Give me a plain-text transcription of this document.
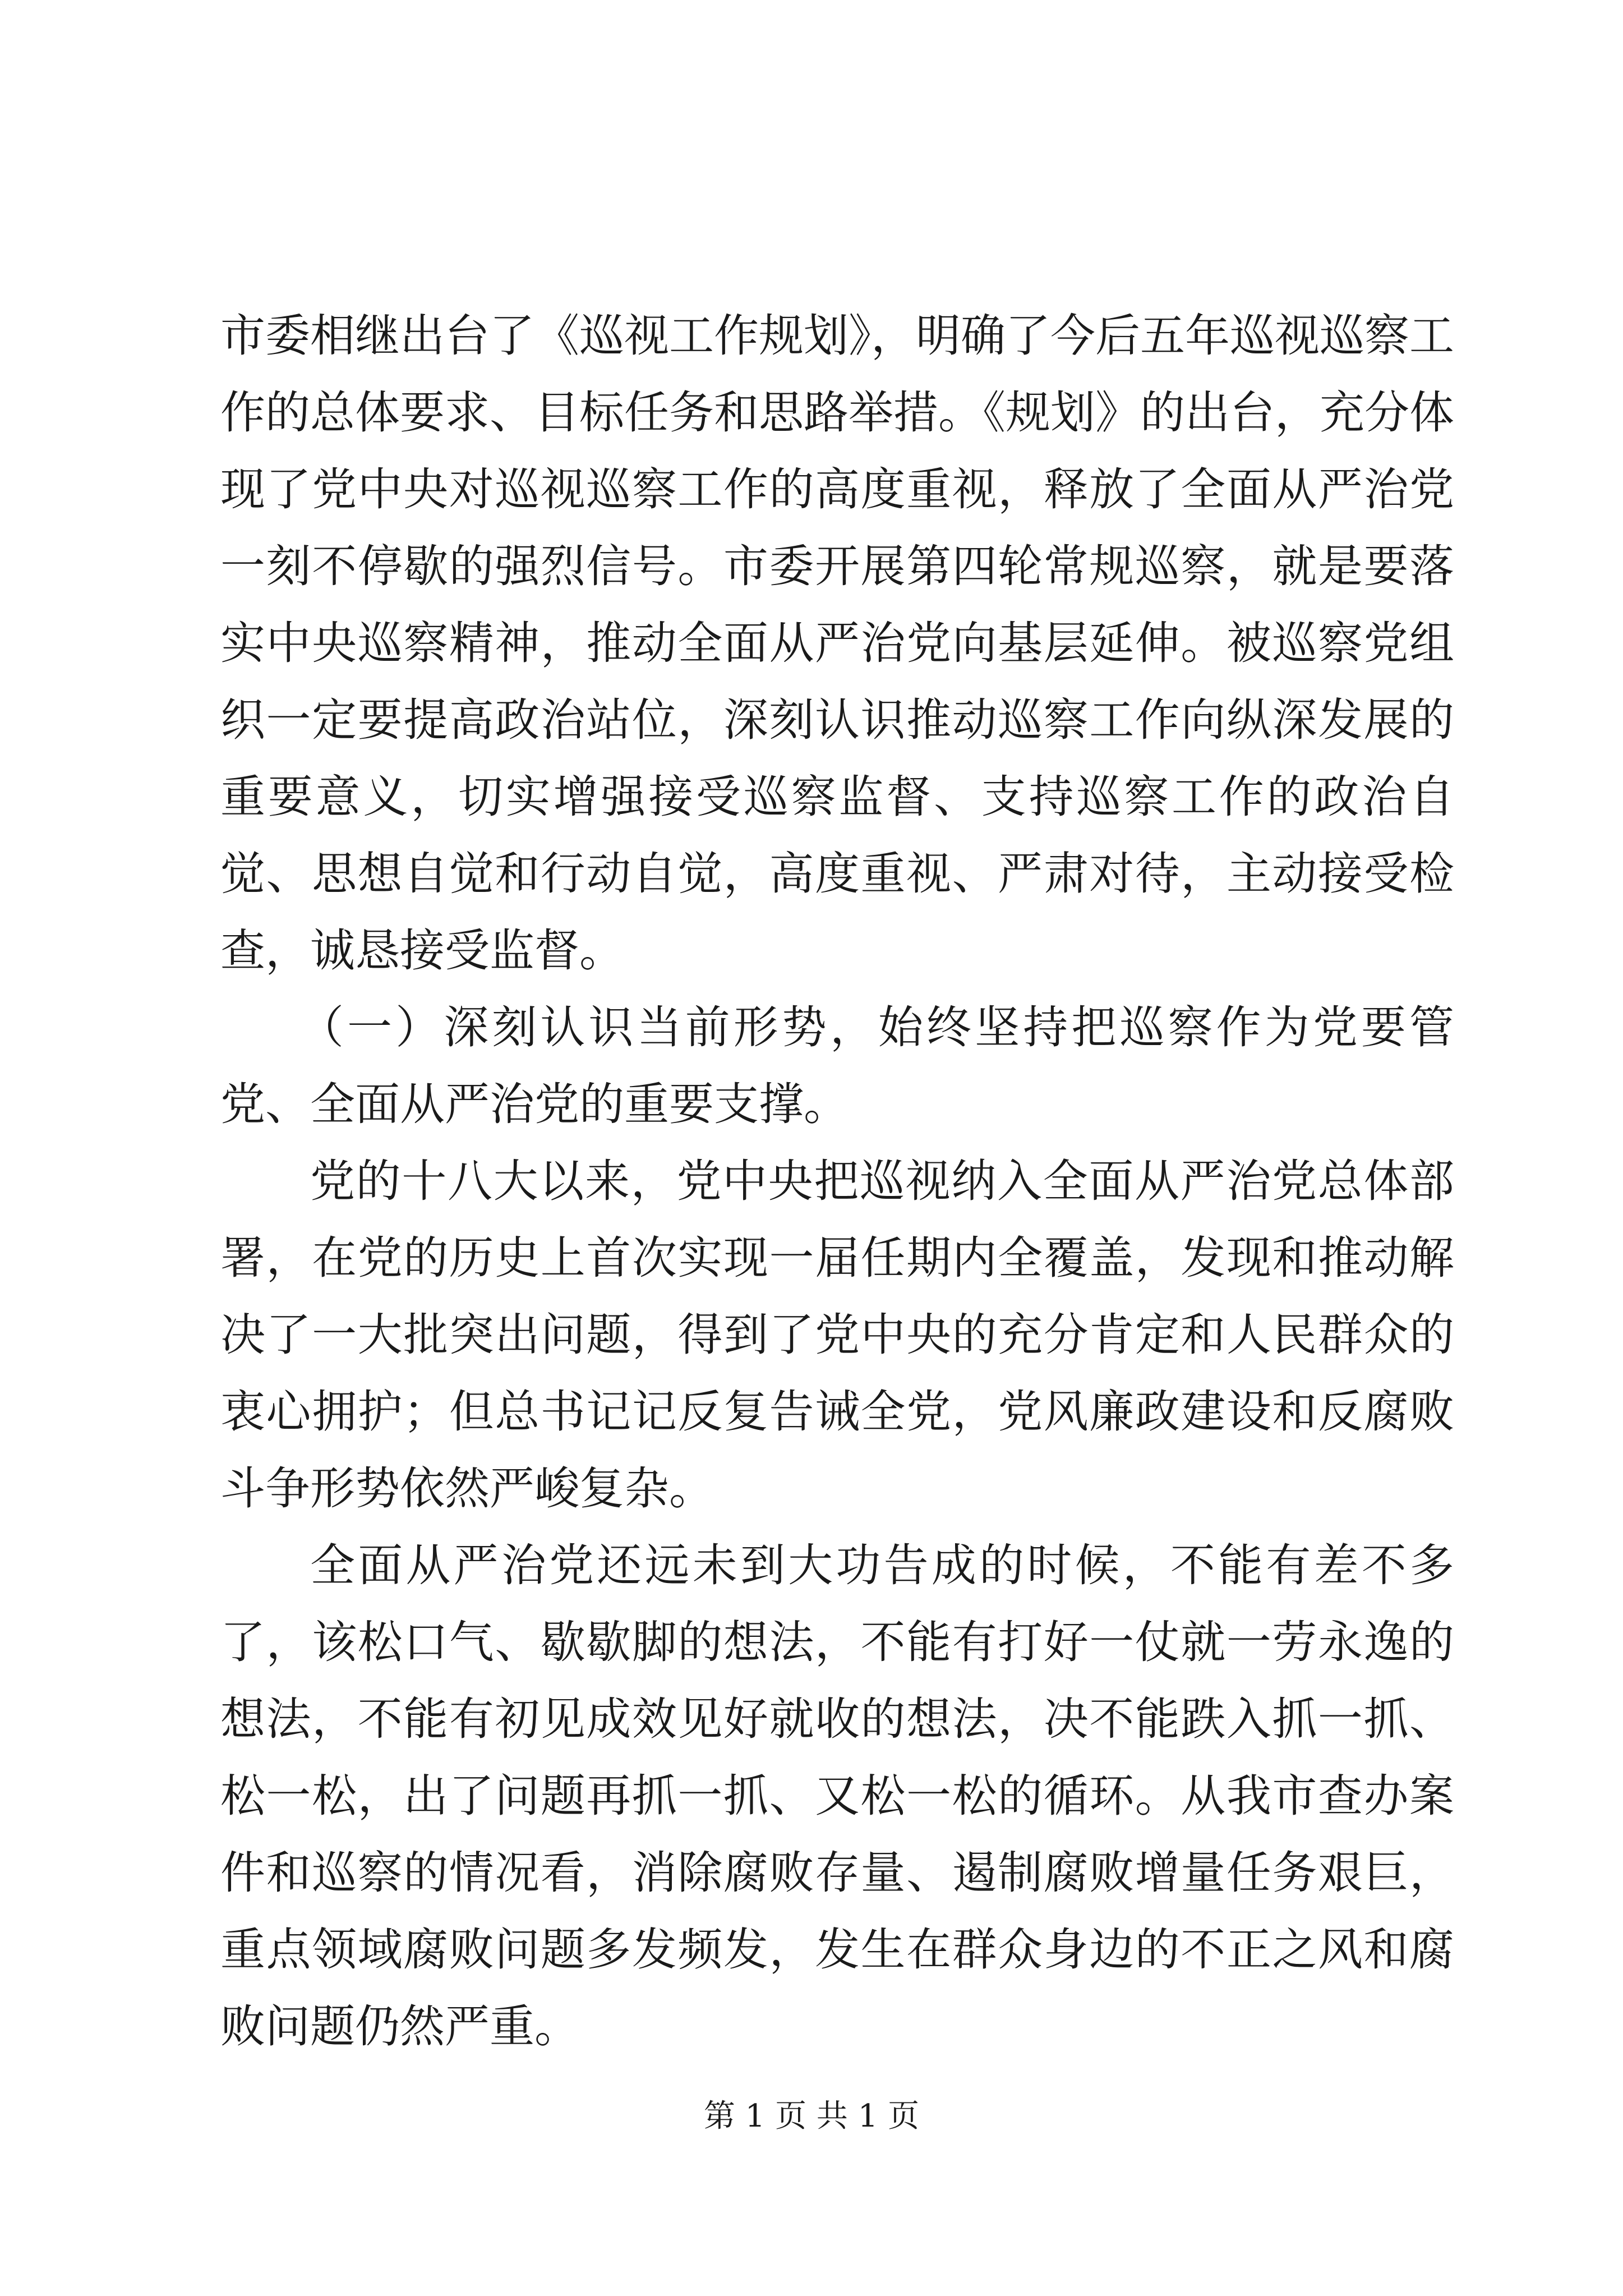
市委相继出台了《巡视工作规划》，明确了今后五年巡视巡察工作的总体要求、目标任务和思路举措。《规划》的出台，充分体现了党中央对巡视巡察工作的高度重视，释放了全面从严治党一刻不停歇的强烈信号。市委开展第四轮常规巡察，就是要落实中央巡察精神，推动全面从严治党向基层延伸。被巡察党组织一定要提高政治站位，深刻认识推动巡察工作向纵深发展的重要意义，切实增强接受巡察监督、支持巡察工作的政治自觉、思想自觉和行动自觉，高度重视、严肃对待，主动接受检查，诚恳接受监督。

（一）深刻认识当前形势，始终坚持把巡察作为党要管党、全面从严治党的重要支撑。

党的十八大以来，党中央把巡视纳入全面从严治党总体部署，在党的历史上首次实现一届任期内全覆盖，发现和推动解决了一大批突出问题，得到了党中央的充分肯定和人民群众的衷心拥护；但总书记记反复告诫全党，党风廉政建设和反腐败斗争形势依然严峻复杂。

全面从严治党还远未到大功告成的时候，不能有差不多了，该松口气、歇歇脚的想法，不能有打好一仗就一劳永逸的想法，不能有初见成效见好就收的想法，决不能跌入抓一抓、松一松，出了问题再抓一抓、又松一松的循环。从我市查办案件和巡察的情况看，消除腐败存量、遏制腐败增量任务艰巨，重点领域腐败问题多发频发，发生在群众身边的不正之风和腐败问题仍然严重。

第 1 页 共 1 页
